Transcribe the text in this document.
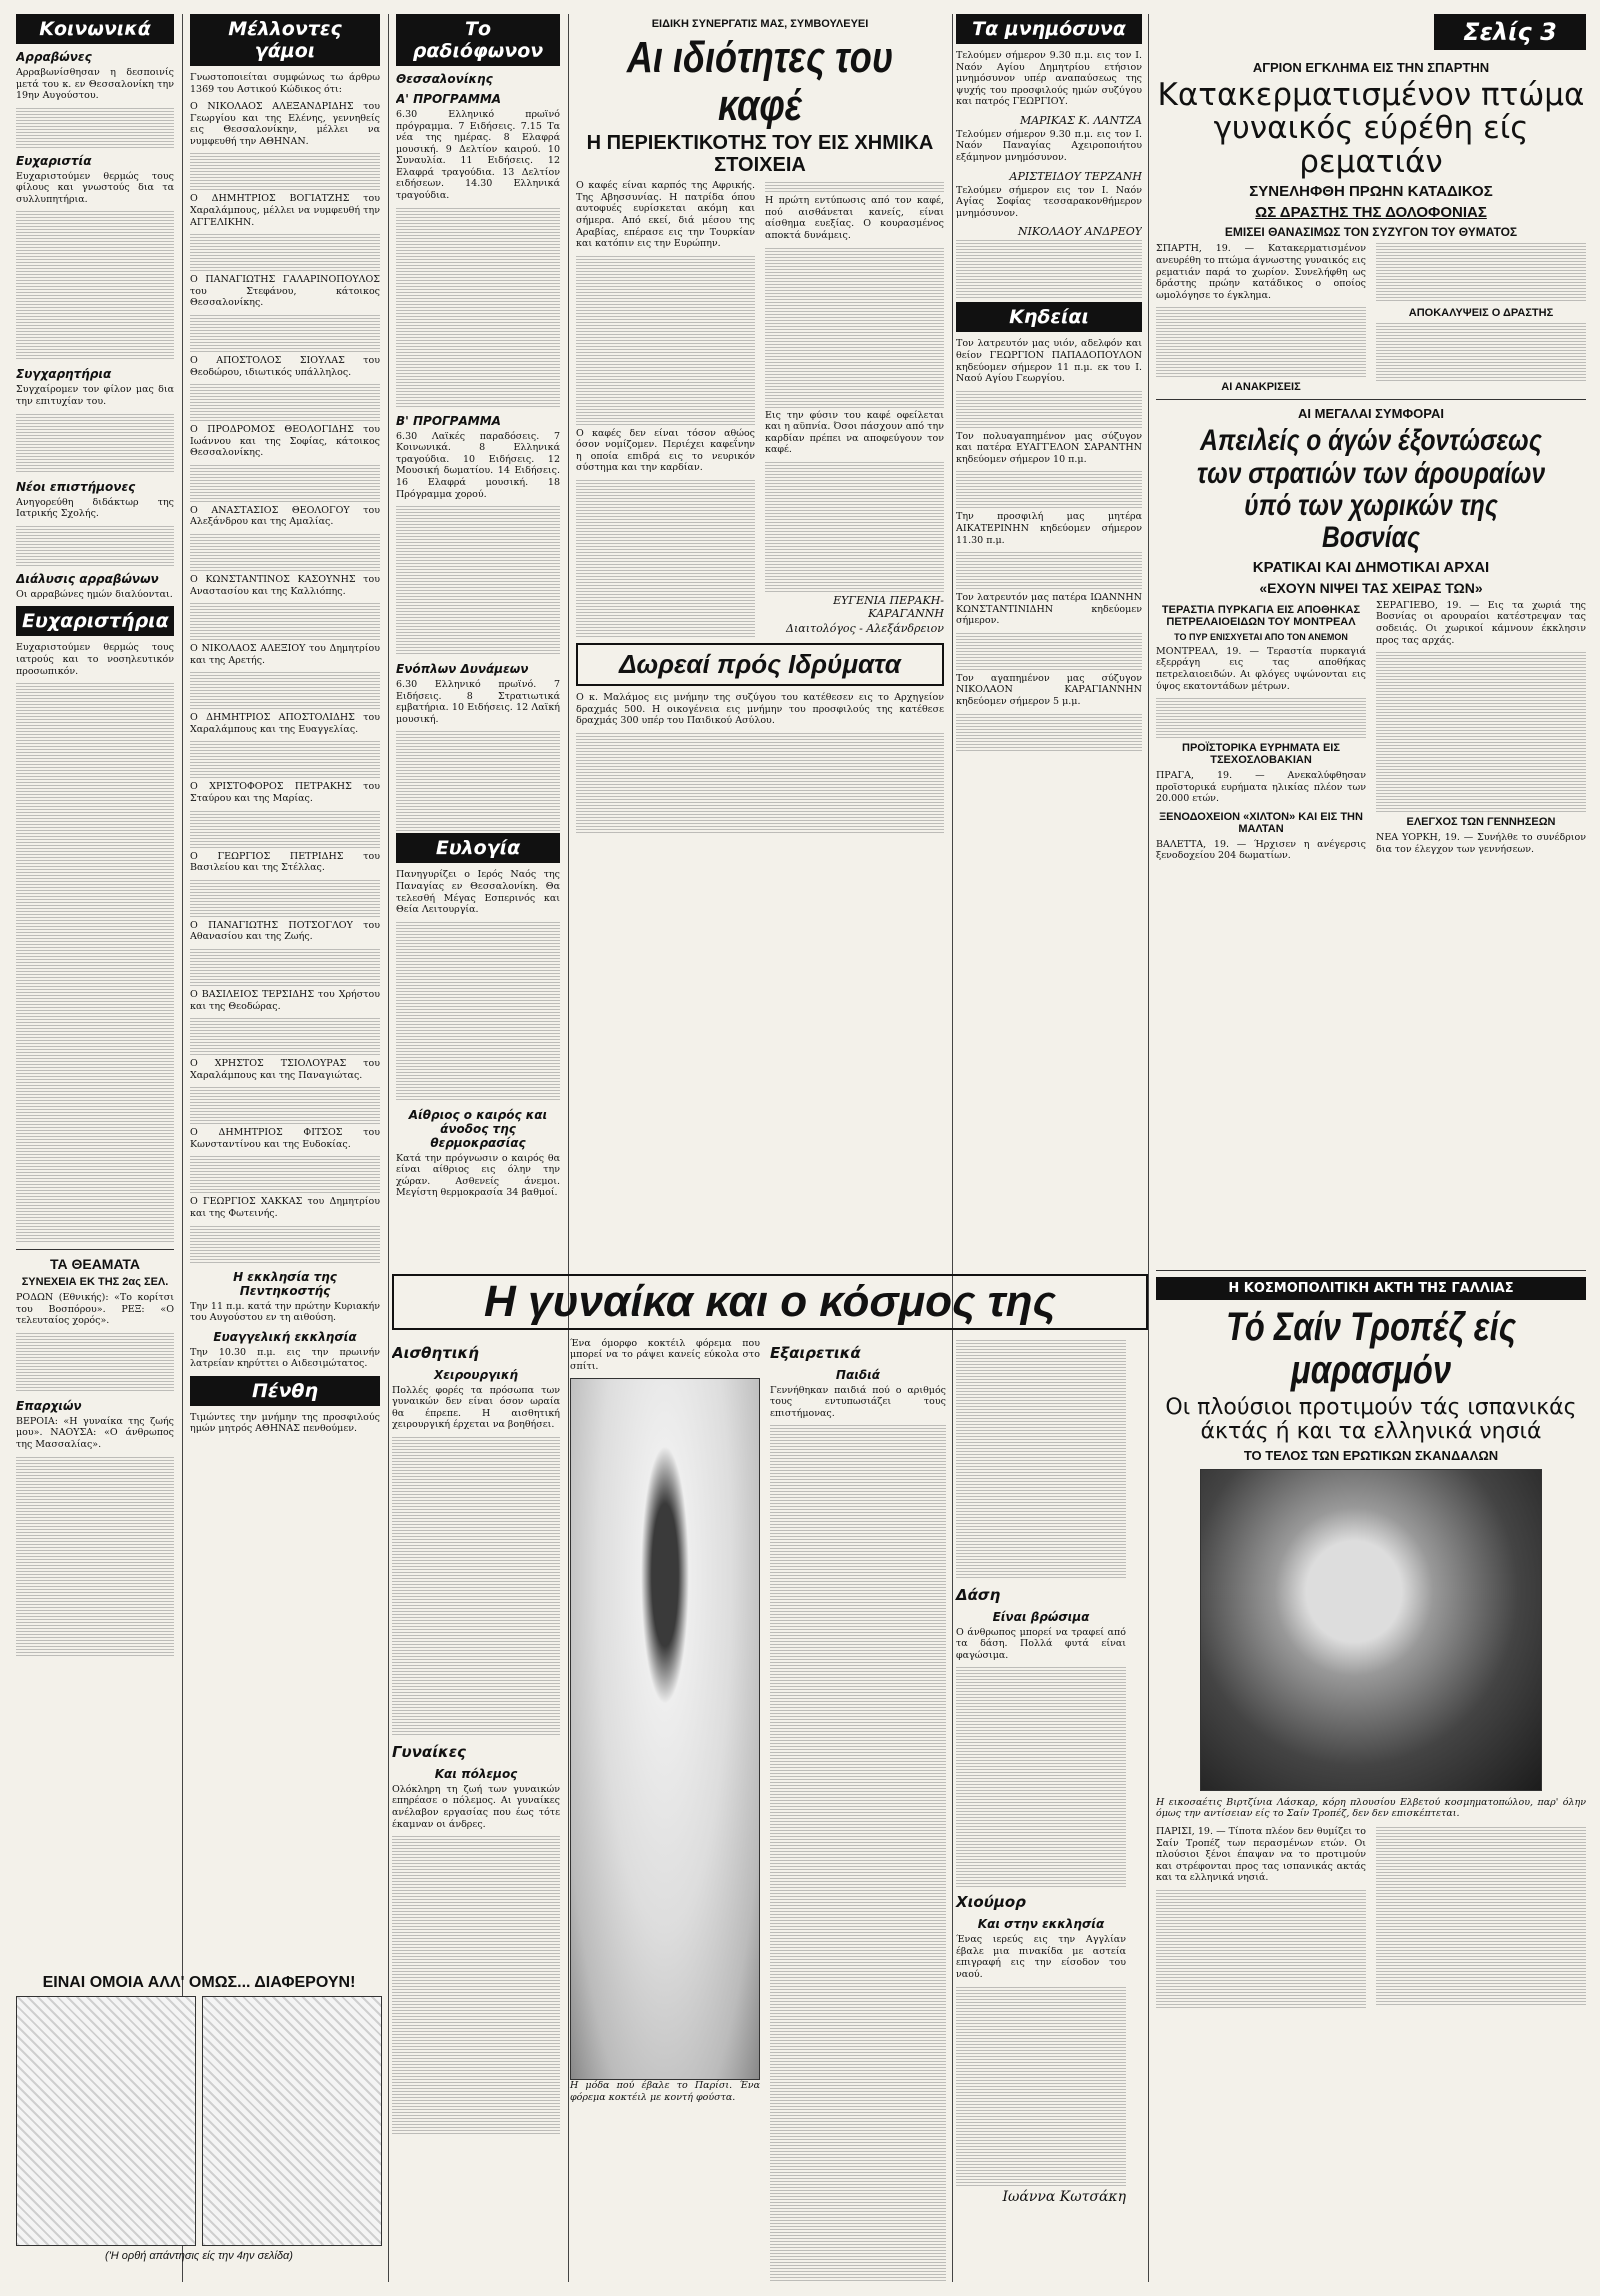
Κοινωνικά
Αρραβώνες

Αρραβωνίσθησαν η δεσποινίς μετά του κ. εν Θεσσαλονίκη την 19ην Αυγούστου.

Ευχαριστία

Ευχαριστούμεν θερμώς τους φίλους και γνωστούς δια τα συλλυπητήρια.

Συγχαρητήρια

Συγχαίρομεν τον φίλον μας δια την επιτυχίαν του.

Νέοι επιστήμονες

Ανηγορεύθη διδάκτωρ της Ιατρικής Σχολής.

Διάλυσις αρραβώνων

Οι αρραβώνες ημών διαλύονται.

Ευχαριστήρια

Ευχαριστούμεν θερμώς τους ιατρούς και το νοσηλευτικόν προσωπικόν.

ΤΑ ΘΕΑΜΑΤΑ
ΣΥΝΕΧΕΙΑ ΕΚ ΤΗΣ 2ας ΣΕΛ.

ΡΟΔΩΝ (Εθνικής): «Το κορίτσι του Βοσπόρου». ΡΕΞ: «Ο τελευταίος χορός».

Επαρχιών

ΒΕΡΟΙΑ: «Η γυναίκα της ζωής μου». ΝΑΟΥΣΑ: «Ο άνθρωπος της Μασσαλίας».

ΕΙΝΑΙ ΟΜΟΙΑ ΑΛΛ' ΟΜΩΣ... ΔΙΑΦΕΡΟΥΝ!
('Η ορθή απάντησις είς την 4ην σελίδα)
Μέλλοντες γάμοι

Γνωστοποιείται συμφώνως τω άρθρω 1369 του Αστικού Κώδικος ότι:

Ο ΝΙΚΟΛΑΟΣ ΑΛΕΞΑΝΔΡΙΔΗΣ του Γεωργίου και της Ελένης, γεννηθείς εις Θεσσαλονίκην, μέλλει να νυμφευθή την ΑΘΗΝΑΝ.

Ο ΔΗΜΗΤΡΙΟΣ ΒΟΓΙΑΤΖΗΣ του Χαραλάμπους, μέλλει να νυμφευθή την ΑΓΓΕΛΙΚΗΝ.

Ο ΠΑΝΑΓΙΩΤΗΣ ΓΑΛΑΡΙΝΟΠΟΥΛΟΣ του Στεφάνου, κάτοικος Θεσσαλονίκης.

Ο ΑΠΟΣΤΟΛΟΣ ΣΙΟΥΛΑΣ του Θεοδώρου, ιδιωτικός υπάλληλος.

Ο ΠΡΟΔΡΟΜΟΣ ΘΕΟΛΟΓΙΔΗΣ του Ιωάννου και της Σοφίας, κάτοικος Θεσσαλονίκης.

Ο ΑΝΑΣΤΑΣΙΟΣ ΘΕΟΛΟΓΟΥ του Αλεξάνδρου και της Αμαλίας.

Ο ΚΩΝΣΤΑΝΤΙΝΟΣ ΚΑΣΟΥΝΗΣ του Αναστασίου και της Καλλιόπης.

Ο ΝΙΚΟΛΑΟΣ ΑΛΕΞΙΟΥ του Δημητρίου και της Αρετής.

Ο ΔΗΜΗΤΡΙΟΣ ΑΠΟΣΤΟΛΙΔΗΣ του Χαραλάμπους και της Ευαγγελίας.

Ο ΧΡΙΣΤΟΦΟΡΟΣ ΠΕΤΡΑΚΗΣ του Σταύρου και της Μαρίας.

Ο ΓΕΩΡΓΙΟΣ ΠΕΤΡΙΔΗΣ του Βασιλείου και της Στέλλας.

Ο ΠΑΝΑΓΙΩΤΗΣ ΠΟΤΣΟΓΛΟΥ του Αθανασίου και της Ζωής.

Ο ΒΑΣΙΛΕΙΟΣ ΤΕΡΣΙΔΗΣ του Χρήστου και της Θεοδώρας.

Ο ΧΡΗΣΤΟΣ ΤΣΙΟΛΟΥΡΑΣ του Χαραλάμπους και της Παναγιώτας.

Ο ΔΗΜΗΤΡΙΟΣ ΦΙΤΣΟΣ του Κωνσταντίνου και της Ευδοκίας.

Ο ΓΕΩΡΓΙΟΣ ΧΑΚΚΑΣ του Δημητρίου και της Φωτεινής.

Η εκκλησία της Πεντηκοστής

Την 11 π.μ. κατά την πρώτην Κυριακήν του Αυγούστου εν τη αιθούση.

Ευαγγελική εκκλησία

Την 10.30 π.μ. εις την πρωινήν λατρείαν κηρύττει ο Αιδεσιμώτατος.

Πένθη

Τιμώντες την μνήμην της προσφιλούς ημών μητρός ΑΘΗΝΑΣ πενθούμεν.

Το ραδιόφωνον
Θεσσαλονίκης
Α' ΠΡΟΓΡΑΜΜΑ

6.30 Ελληνικό πρωϊνό πρόγραμμα. 7 Ειδήσεις. 7.15 Τα νέα της ημέρας. 8 Ελαφρά μουσική. 9 Δελτίον καιρού. 10 Συναυλία. 11 Ειδήσεις. 12 Ελαφρά τραγούδια. 13 Δελτίον ειδήσεων. 14.30 Ελληνικά τραγούδια.

Β' ΠΡΟΓΡΑΜΜΑ

6.30 Λαϊκές παραδόσεις. 7 Κοινωνικά. 8 Ελληνικά τραγούδια. 10 Ειδήσεις. 12 Μουσική δωματίου. 14 Ειδήσεις. 16 Ελαφρά μουσική. 18 Πρόγραμμα χορού.

Ενόπλων Δυνάμεων

6.30 Ελληνικό πρωϊνό. 7 Ειδήσεις. 8 Στρατιωτικά εμβατήρια. 10 Ειδήσεις. 12 Λαϊκή μουσική.

Ευλογία

Πανηγυρίζει ο Ιερός Ναός της Παναγίας εν Θεσσαλονίκη. Θα τελεσθή Μέγας Εσπερινός και Θεία Λειτουργία.

Αίθριος ο καιρός και άνοδος της θερμοκρασίας

Κατά την πρόγνωσιν ο καιρός θα είναι αίθριος εις όλην την χώραν. Ασθενείς άνεμοι. Μεγίστη θερμοκρασία 34 βαθμοί.

ΕΙΔΙΚΗ ΣΥΝΕΡΓΑΤΙΣ ΜΑΣ, ΣΥΜΒΟΥΛΕΥΕΙ
Αι ιδιότητες του καφέ
Η ΠΕΡΙΕΚΤΙΚΟΤΗΣ ΤΟΥ ΕΙΣ ΧΗΜΙΚΑ ΣΤΟΙΧΕΙΑ

Ο καφές είναι καρπός της Αφρικής. Της Αβησσυνίας. Η πατρίδα όπου αυτοφυές ευρίσκεται ακόμη και σήμερα. Από εκεί, διά μέσου της Αραβίας, επέρασε εις την Τουρκίαν και κατόπιν εις την Ευρώπην.

Ο καφές δεν είναι τόσον αθώος όσον νομίζομεν. Περιέχει καφεΐνην η οποία επιδρά εις το νευρικόν σύστημα και την καρδίαν.

Η πρώτη εντύπωσις από τον καφέ, πού αισθάνεται κανείς, είναι αίσθημα ευεξίας. Ο κουρασμένος αποκτά δυνάμεις.

Εις την φύσιν του καφέ οφείλεται και η αϋπνία. Όσοι πάσχουν από την καρδίαν πρέπει να αποφεύγουν τον καφέ.

ΕΥΓΕΝΙΑ ΠΕΡΑΚΗ-ΚΑΡΑΓΑΝΝΗ
Διαιτολόγος - Αλεξάνδρειον
Δωρεαί πρός Ιδρύματα

Ο κ. Μαλάμος εις μνήμην της συζύγου του κατέθεσεν εις το Αρχηγείον δραχμάς 500. Η οικογένεια εις μνήμην του προσφιλούς της κατέθεσε δραχμάς 300 υπέρ του Παιδικού Ασύλου.

Τα μνημόσυνα

Τελούμεν σήμερον 9.30 π.μ. εις τον Ι. Ναόν Αγίου Δημητρίου ετήσιον μνημόσυνον υπέρ αναπαύσεως της ψυχής του προσφιλούς ημών συζύγου και πατρός ΓΕΩΡΓΙΟΥ.

ΜΑΡΙΚΑΣ Κ. ΛΑΝΤΖΑ

Τελούμεν σήμερον 9.30 π.μ. εις τον Ι. Ναόν Παναγίας Αχειροποιήτου εξάμηνον μνημόσυνον.

ΑΡΙΣΤΕΙΔΟΥ ΤΕΡΖΑΝΗ

Τελούμεν σήμερον εις τον Ι. Ναόν Αγίας Σοφίας τεσσαρακονθήμερον μνημόσυνον.

ΝΙΚΟΛΑΟΥ ΑΝΔΡΕΟΥ
Κηδείαι

Τον λατρευτόν μας υιόν, αδελφόν και θείον ΓΕΩΡΓΙΟΝ ΠΑΠΑΔΟΠΟΥΛΟΝ κηδεύομεν σήμερον 11 π.μ. εκ του Ι. Ναού Αγίου Γεωργίου.

Τον πολυαγαπημένον μας σύζυγον και πατέρα ΕΥΑΓΓΕΛΟΝ ΣΑΡΑΝΤΗΝ κηδεύομεν σήμερον 10 π.μ.

Την προσφιλή μας μητέρα ΑΙΚΑΤΕΡΙΝΗΝ κηδεύομεν σήμερον 11.30 π.μ.

Τον λατρευτόν μας πατέρα ΙΩΑΝΝΗΝ ΚΩΝΣΤΑΝΤΙΝΙΔΗΝ κηδεύομεν σήμερον.

Τον αγαπημένον μας σύζυγον ΝΙΚΟΛΑΟΝ ΚΑΡΑΓΙΑΝΝΗΝ κηδεύομεν σήμερον 5 μ.μ.

Σελίς 3
ΑΓΡΙΟΝ ΕΓΚΛΗΜΑ ΕΙΣ ΤΗΝ ΣΠΑΡΤΗΝ
Κατακερματισμένον πτώμα γυναικός εύρέθη είς ρεματιάν
ΣΥΝΕΛΗΦΘΗ ΠΡΩΗΝ ΚΑΤΑΔΙΚΟΣ
ΩΣ ΔΡΑΣΤΗΣ ΤΗΣ ΔΟΛΟΦΟΝΙΑΣ
ΕΜΙΣΕΙ ΘΑΝΑΣΙΜΩΣ ΤΟΝ ΣΥΖΥΓΟΝ ΤΟΥ ΘΥΜΑΤΟΣ

ΣΠΑΡΤΗ, 19. — Κατακερματισμένον ανευρέθη το πτώμα άγνωστης γυναικός εις ρεματιάν παρά το χωρίον. Συνελήφθη ως δράστης πρώην κατάδικος ο οποίος ωμολόγησε το έγκλημα.

ΑΙ ΑΝΑΚΡΙΣΕΙΣ
ΑΠΟΚΑΛΥΨΕΙΣ Ο ΔΡΑΣΤΗΣ
ΑΙ ΜΕΓΑΛΑΙ ΣΥΜΦΟΡΑΙ
Απειλείς ο άγών έξοντώσεως των στρατιών των άρουραίων ύπό των χωρικών της Βοσνίας
ΚΡΑΤΙΚΑΙ ΚΑΙ ΔΗΜΟΤΙΚΑΙ ΑΡΧΑΙ
«ΕΧΟΥΝ ΝΙΨΕΙ ΤΑΣ ΧΕΙΡΑΣ ΤΩΝ»
ΤΕΡΑΣΤΙΑ ΠΥΡΚΑΓΙΑ ΕΙΣ ΑΠΟΘΗΚΑΣ ΠΕΤΡΕΛΑΙΟΕΙΔΩΝ ΤΟΥ ΜΟΝΤΡΕΑΛ
ΤΟ ΠΥΡ ΕΝΙΣΧΥΕΤΑΙ ΑΠΟ ΤΟΝ ΑΝΕΜΟΝ

ΜΟΝΤΡΕΑΛ, 19. — Τεραστία πυρκαγιά εξερράγη εις τας αποθήκας πετρελαιοειδών. Αι φλόγες υψώνονται εις ύψος εκατοντάδων μέτρων.

ΠΡΟΪΣΤΟΡΙΚΑ ΕΥΡΗΜΑΤΑ ΕΙΣ ΤΣΕΧΟΣΛΟΒΑΚΙΑΝ

ΠΡΑΓΑ, 19. — Ανεκαλύφθησαν προϊστορικά ευρήματα ηλικίας πλέον των 20.000 ετών.

ΞΕΝΟΔΟΧΕΙΟΝ «ΧΙΛΤΟΝ» ΚΑΙ ΕΙΣ ΤΗΝ ΜΑΛΤΑΝ

ΒΑΛΕΤΤΑ, 19. — Ήρχισεν η ανέγερσις ξενοδοχείου 204 δωματίων.

ΣΕΡΑΓΙΕΒΟ, 19. — Εις τα χωριά της Βοσνίας οι αρουραίοι κατέστρεψαν τας σοδειάς. Οι χωρικοί κάμνουν έκκλησιν προς τας αρχάς.

ΕΛΕΓΧΟΣ ΤΩΝ ΓΕΝΝΗΣΕΩΝ

ΝΕΑ ΥΟΡΚΗ, 19. — Συνήλθε το συνέδριον δια τον έλεγχον των γεννήσεων.

Η ΚΟΣΜΟΠΟΛΙΤΙΚΗ ΑΚΤΗ ΤΗΣ ΓΑΛΛΙΑΣ
Τό Σαίν Τροπέζ είς μαρασμόν
Οι πλούσιοι προτιμούν τάς ισπανικάς άκτάς ή και τα ελληνικά νησιά
ΤΟ ΤΕΛΟΣ ΤΩΝ ΕΡΩΤΙΚΩΝ ΣΚΑΝΔΑΛΩΝ

Η εικοσαέτις Βιρτζίνια Λάσκαρ, κόρη πλουσίου Ελβετού κοσμηματοπώλου, παρ' όλην όμως την αντίσειαν είς το Σαίν Τροπέζ, δεν δεν επισκέπτεται.

ΠΑΡΙΣΙ, 19. — Τίποτα πλέον δεν θυμίζει το Σαίν Τροπέζ των περασμένων ετών. Οι πλούσιοι ξένοι έπαψαν να το προτιμούν και στρέφονται προς τας ισπανικάς ακτάς και τα ελληνικά νησιά.

Η γυναίκα και ο κόσμος της
Αισθητική
Χειρουργική

Πολλές φορές τα πρόσωπα των γυναικών δεν είναι όσον ωραία θα έπρεπε. Η αισθητική χειρουργική έρχεται να βοηθήσει.

Γυναίκες
Και πόλεμος

Ολόκληρη τη ζωή των γυναικών επηρέασε ο πόλεμος. Αι γυναίκες ανέλαβον εργασίας που έως τότε έκαμναν οι άνδρες.

Ένα όμορφο κοκτέιλ φόρεμα που μπορεί να το ράψει κανείς εύκολα στο σπίτι.

Η μόδα πού έβαλε το Παρίσι. Ένα φόρεμα κοκτέιλ με κοντή φούστα.

Εξαιρετικά
Παιδιά

Γεννήθηκαν παιδιά πού ο αριθμός τους εντυπωσιάζει τους επιστήμονας.

Δάση
Είναι βρώσιμα

Ο άνθρωπος μπορεί να τραφεί από τα δάση. Πολλά φυτά είναι φαγώσιμα.

Χιούμορ
Και στην εκκλησία

Ένας ιερεύς εις την Αγγλίαν έβαλε μια πινακίδα με αστεία επιγραφή εις την είσοδον του ναού.

Ιωάννα Κωτσάκη
